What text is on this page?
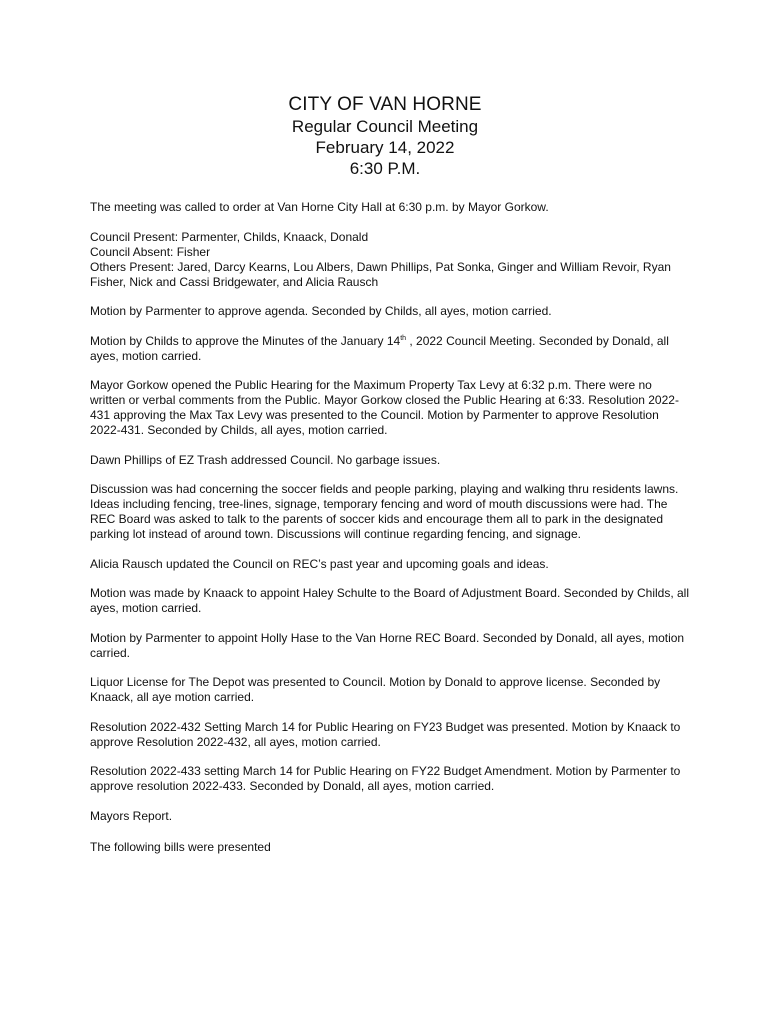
CITY OF VAN HORNE

Regular Council Meeting

February 14, 2022

6:30 P.M.

The meeting was called to order at Van Horne City Hall at 6:30 p.m. by Mayor Gorkow.

Council Present: Parmenter, Childs, Knaack, Donald
Council Absent: Fisher
Others Present: Jared, Darcy Kearns, Lou Albers, Dawn Phillips, Pat Sonka, Ginger and William Revoir, Ryan Fisher, Nick and Cassi Bridgewater, and Alicia Rausch

Motion by Parmenter to approve agenda. Seconded by Childs, all ayes, motion carried.

Motion by Childs to approve the Minutes of the January 14th , 2022 Council Meeting. Seconded by Donald, all ayes, motion carried.

Mayor Gorkow opened the Public Hearing for the Maximum Property Tax Levy at 6:32 p.m. There were no written or verbal comments from the Public. Mayor Gorkow closed the Public Hearing at 6:33. Resolution 2022-431 approving the Max Tax Levy was presented to the Council. Motion by Parmenter to approve Resolution 2022-431. Seconded by Childs, all ayes, motion carried.

Dawn Phillips of EZ Trash addressed Council. No garbage issues.

Discussion was had concerning the soccer fields and people parking, playing and walking thru residents lawns. Ideas including fencing, tree-lines, signage, temporary fencing and word of mouth discussions were had. The REC Board was asked to talk to the parents of soccer kids and encourage them all to park in the designated parking lot instead of around town. Discussions will continue regarding fencing, and signage.

Alicia Rausch updated the Council on REC’s past year and upcoming goals and ideas.

Motion was made by Knaack to appoint Haley Schulte to the Board of Adjustment Board. Seconded by Childs, all ayes, motion carried.

Motion by Parmenter to appoint Holly Hase to the Van Horne REC Board. Seconded by Donald, all ayes, motion carried.

Liquor License for The Depot was presented to Council. Motion by Donald to approve license. Seconded by Knaack, all aye motion carried.

Resolution 2022-432 Setting March 14 for Public Hearing on FY23 Budget was presented. Motion by Knaack to approve Resolution 2022-432, all ayes, motion carried.

Resolution 2022-433 setting March 14 for Public Hearing on FY22 Budget Amendment. Motion by Parmenter to approve resolution 2022-433. Seconded by Donald, all ayes, motion carried.

Mayors Report.

The following bills were presented
